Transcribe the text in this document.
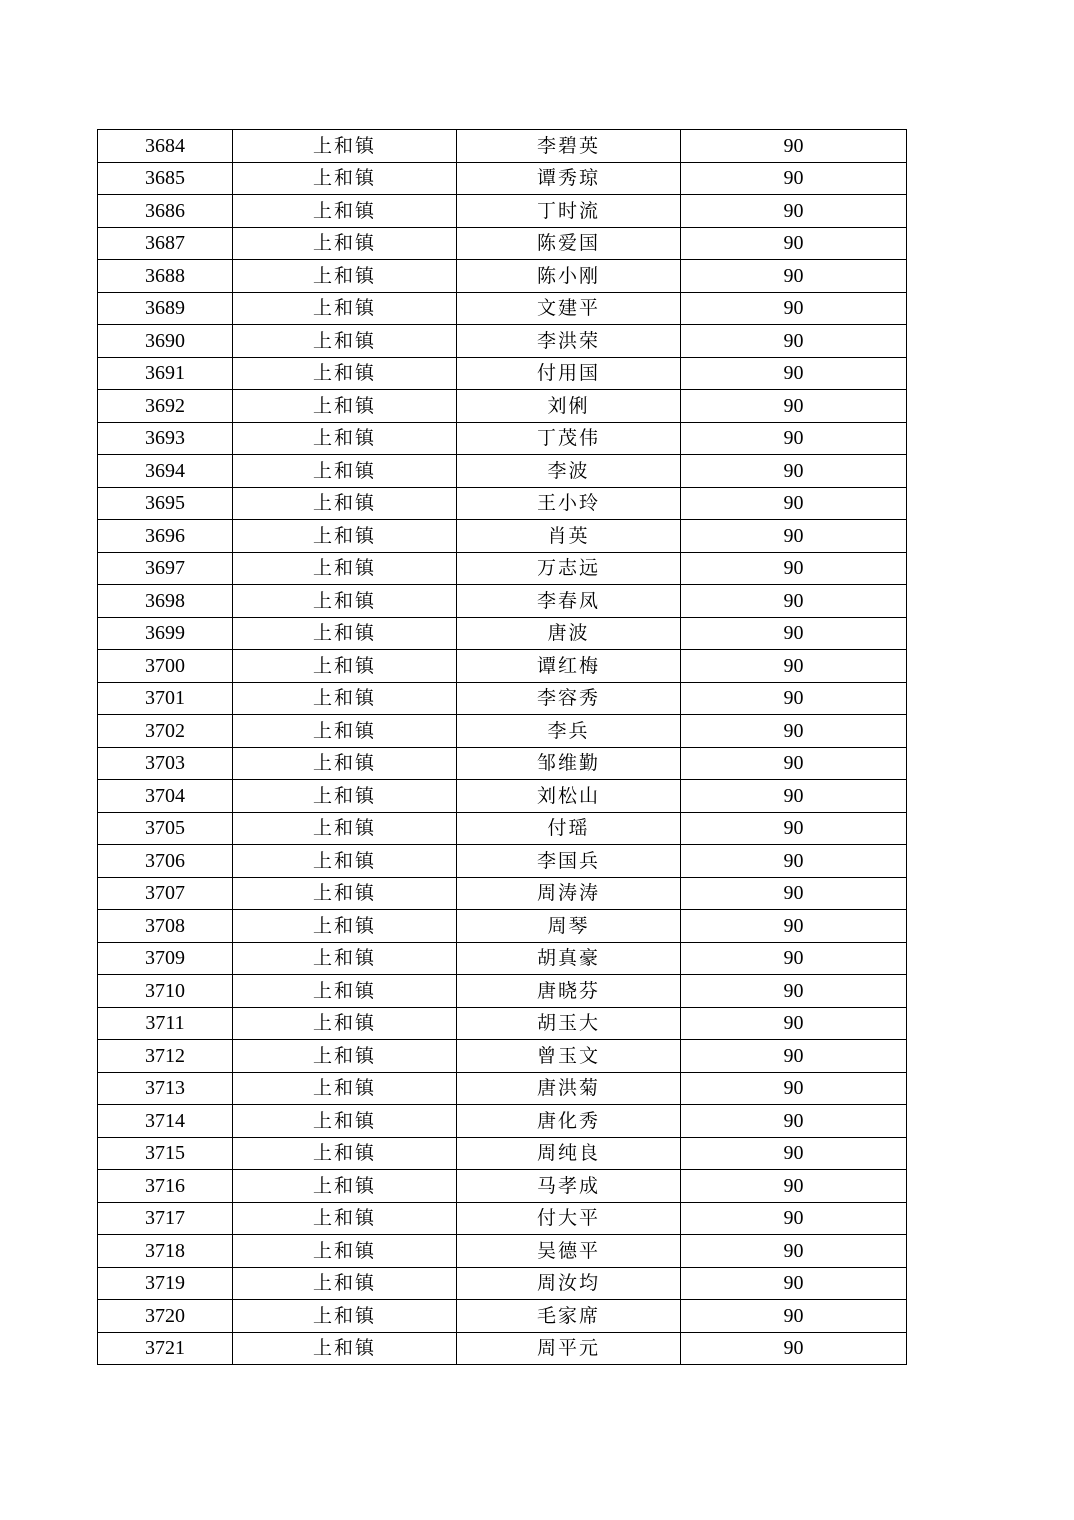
3684	上和镇	李碧英	90
3685	上和镇	谭秀琼	90
3686	上和镇	丁时流	90
3687	上和镇	陈爱国	90
3688	上和镇	陈小刚	90
3689	上和镇	文建平	90
3690	上和镇	李洪荣	90
3691	上和镇	付用国	90
3692	上和镇	刘俐	90
3693	上和镇	丁茂伟	90
3694	上和镇	李波	90
3695	上和镇	王小玲	90
3696	上和镇	肖英	90
3697	上和镇	万志远	90
3698	上和镇	李春凤	90
3699	上和镇	唐波	90
3700	上和镇	谭红梅	90
3701	上和镇	李容秀	90
3702	上和镇	李兵	90
3703	上和镇	邹维勤	90
3704	上和镇	刘松山	90
3705	上和镇	付瑶	90
3706	上和镇	李国兵	90
3707	上和镇	周涛涛	90
3708	上和镇	周琴	90
3709	上和镇	胡真豪	90
3710	上和镇	唐晓芬	90
3711	上和镇	胡玉大	90
3712	上和镇	曾玉文	90
3713	上和镇	唐洪菊	90
3714	上和镇	唐化秀	90
3715	上和镇	周纯良	90
3716	上和镇	马孝成	90
3717	上和镇	付大平	90
3718	上和镇	吴德平	90
3719	上和镇	周汝均	90
3720	上和镇	毛家席	90
3721	上和镇	周平元	90
